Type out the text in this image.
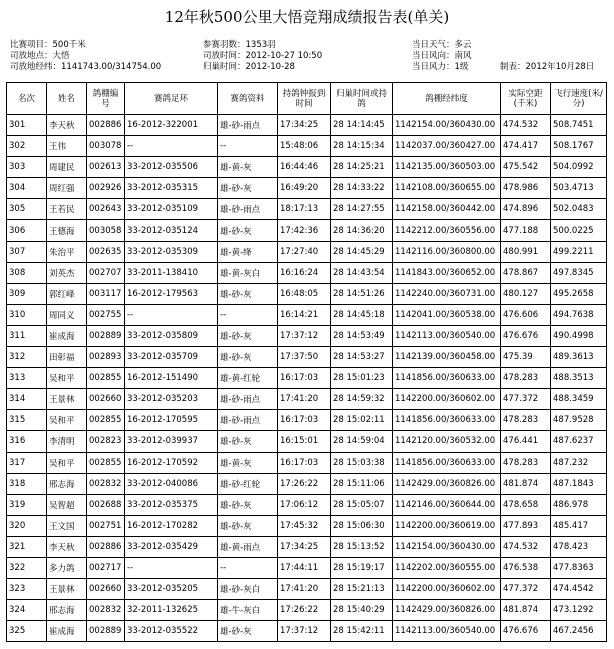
12年秋500公里大悟竞翔成绩报告表(单关)
比赛项目：500千米
司放地点：大悟
司放地经纬：1141743.00/314754.00
参赛羽数：1353羽
司放时间：2012-10-27 10:50
归巢时间：2012-10-28
当日天气：多云
当日风向：南风
当日风力：1级	制表：2012年10月28日
名次	姓名	鸽棚编号	赛鸽足环	赛鸽资料	持鸽钟报到时间	归巢时间或持鸽	鸽棚经纬度	实际空距(千米)	飞行速度(米/分)
301	李天秋	002886	16-2012-322001	雄-砂-雨点	17:34:25	28 14:14:45	1142154.00/360430.00	474.532	508.7451
302	王伟	003078	--	--	15:48:06	28 14:15:34	1142037.00/360427.00	474.417	508.1767
303	周建民	002613	33-2012-035506	雄-黄-灰	16:44:46	28 14:25:21	1142135.00/360503.00	475.542	504.0992
304	周红强	002926	33-2012-035315	雄-砂-灰	16:49:20	28 14:33:22	1142108.00/360655.00	478.986	503.4713
305	王若民	002643	33-2012-035109	雄-砂-雨点	18:17:13	28 14:27:55	1142158.00/360442.00	474.896	502.0483
306	王德海	003058	33-2012-035124	雄-砂-灰	17:42:36	28 14:36:20	1142212.00/360556.00	477.188	500.0225
307	朱治平	002635	33-2012-035309	雄-黄-绛	17:27:40	28 14:45:29	1142116.00/360800.00	480.991	499.2211
308	刘英杰	002707	33-2011-138410	雄-黄-灰白	16:16:24	28 14:43:54	1141843.00/360652.00	478.867	497.8345
309	郭红峰	003117	16-2012-179563	雄-砂-灰	16:48:05	28 14:51:26	1142240.00/360731.00	480.127	495.2658
310	周同义	002755	--	--	16:14:21	28 14:45:18	1142041.00/360538.00	476.606	494.7638
311	崔成海	002889	33-2012-035809	雄-砂-灰	17:37:12	28 14:53:49	1142113.00/360540.00	476.676	490.4998
312	田彰福	002893	33-2012-035709	雄-砂-灰	17:37:50	28 14:53:27	1142139.00/360458.00	475.39	489.3613
313	吴和平	002855	16-2012-151490	雄-黄-红轮	16:17:03	28 15:01:23	1141856.00/360633.00	478.283	488.3513
314	王景林	002660	33-2012-035203	雄-砂-雨点	17:41:20	28 14:59:32	1142200.00/360602.00	477.372	488.3459
315	吴和平	002855	16-2012-170595	雄-砂-雨点	16:17:03	28 15:02:11	1141856.00/360633.00	478.283	487.9528
316	李清明	002823	33-2012-039937	雄-砂-灰	16:15:01	28 14:59:04	1142120.00/360532.00	476.441	487.6237
317	吴和平	002855	16-2012-170592	雄-黄-灰	16:17:03	28 15:03:38	1141856.00/360633.00	478.283	487.232
318	邢志海	002832	33-2012-040086	雄-砂-红轮	17:26:22	28 15:11:06	1142429.00/360826.00	481.874	487.1843
319	吴智超	002688	33-2012-035375	雄-砂-灰	17:06:12	28 15:05:07	1142146.00/360644.00	478.658	486.978
320	王文国	002751	16-2012-170282	雄-砂-灰	17:45:32	28 15:06:30	1142200.00/360619.00	477.893	485.417
321	李天秋	002886	33-2012-035429	雄-黄-雨点	17:34:25	28 15:13:52	1142154.00/360430.00	474.532	478.423
322	多力鸽	002717	--	--	17:44:11	28 15:19:17	1142202.00/360555.00	476.538	477.8363
323	王景林	002660	33-2012-035205	雄-砂-灰白	17:41:20	28 15:21:13	1142200.00/360602.00	477.372	474.4542
324	邢志海	002832	32-2011-132625	雄-牛-灰白	17:26:22	28 15:40:29	1142429.00/360826.00	481.874	473.1292
325	崔成海	002889	33-2012-035522	雄-砂-灰	17:37:12	28 15:42:11	1142113.00/360540.00	476.676	467.2456
